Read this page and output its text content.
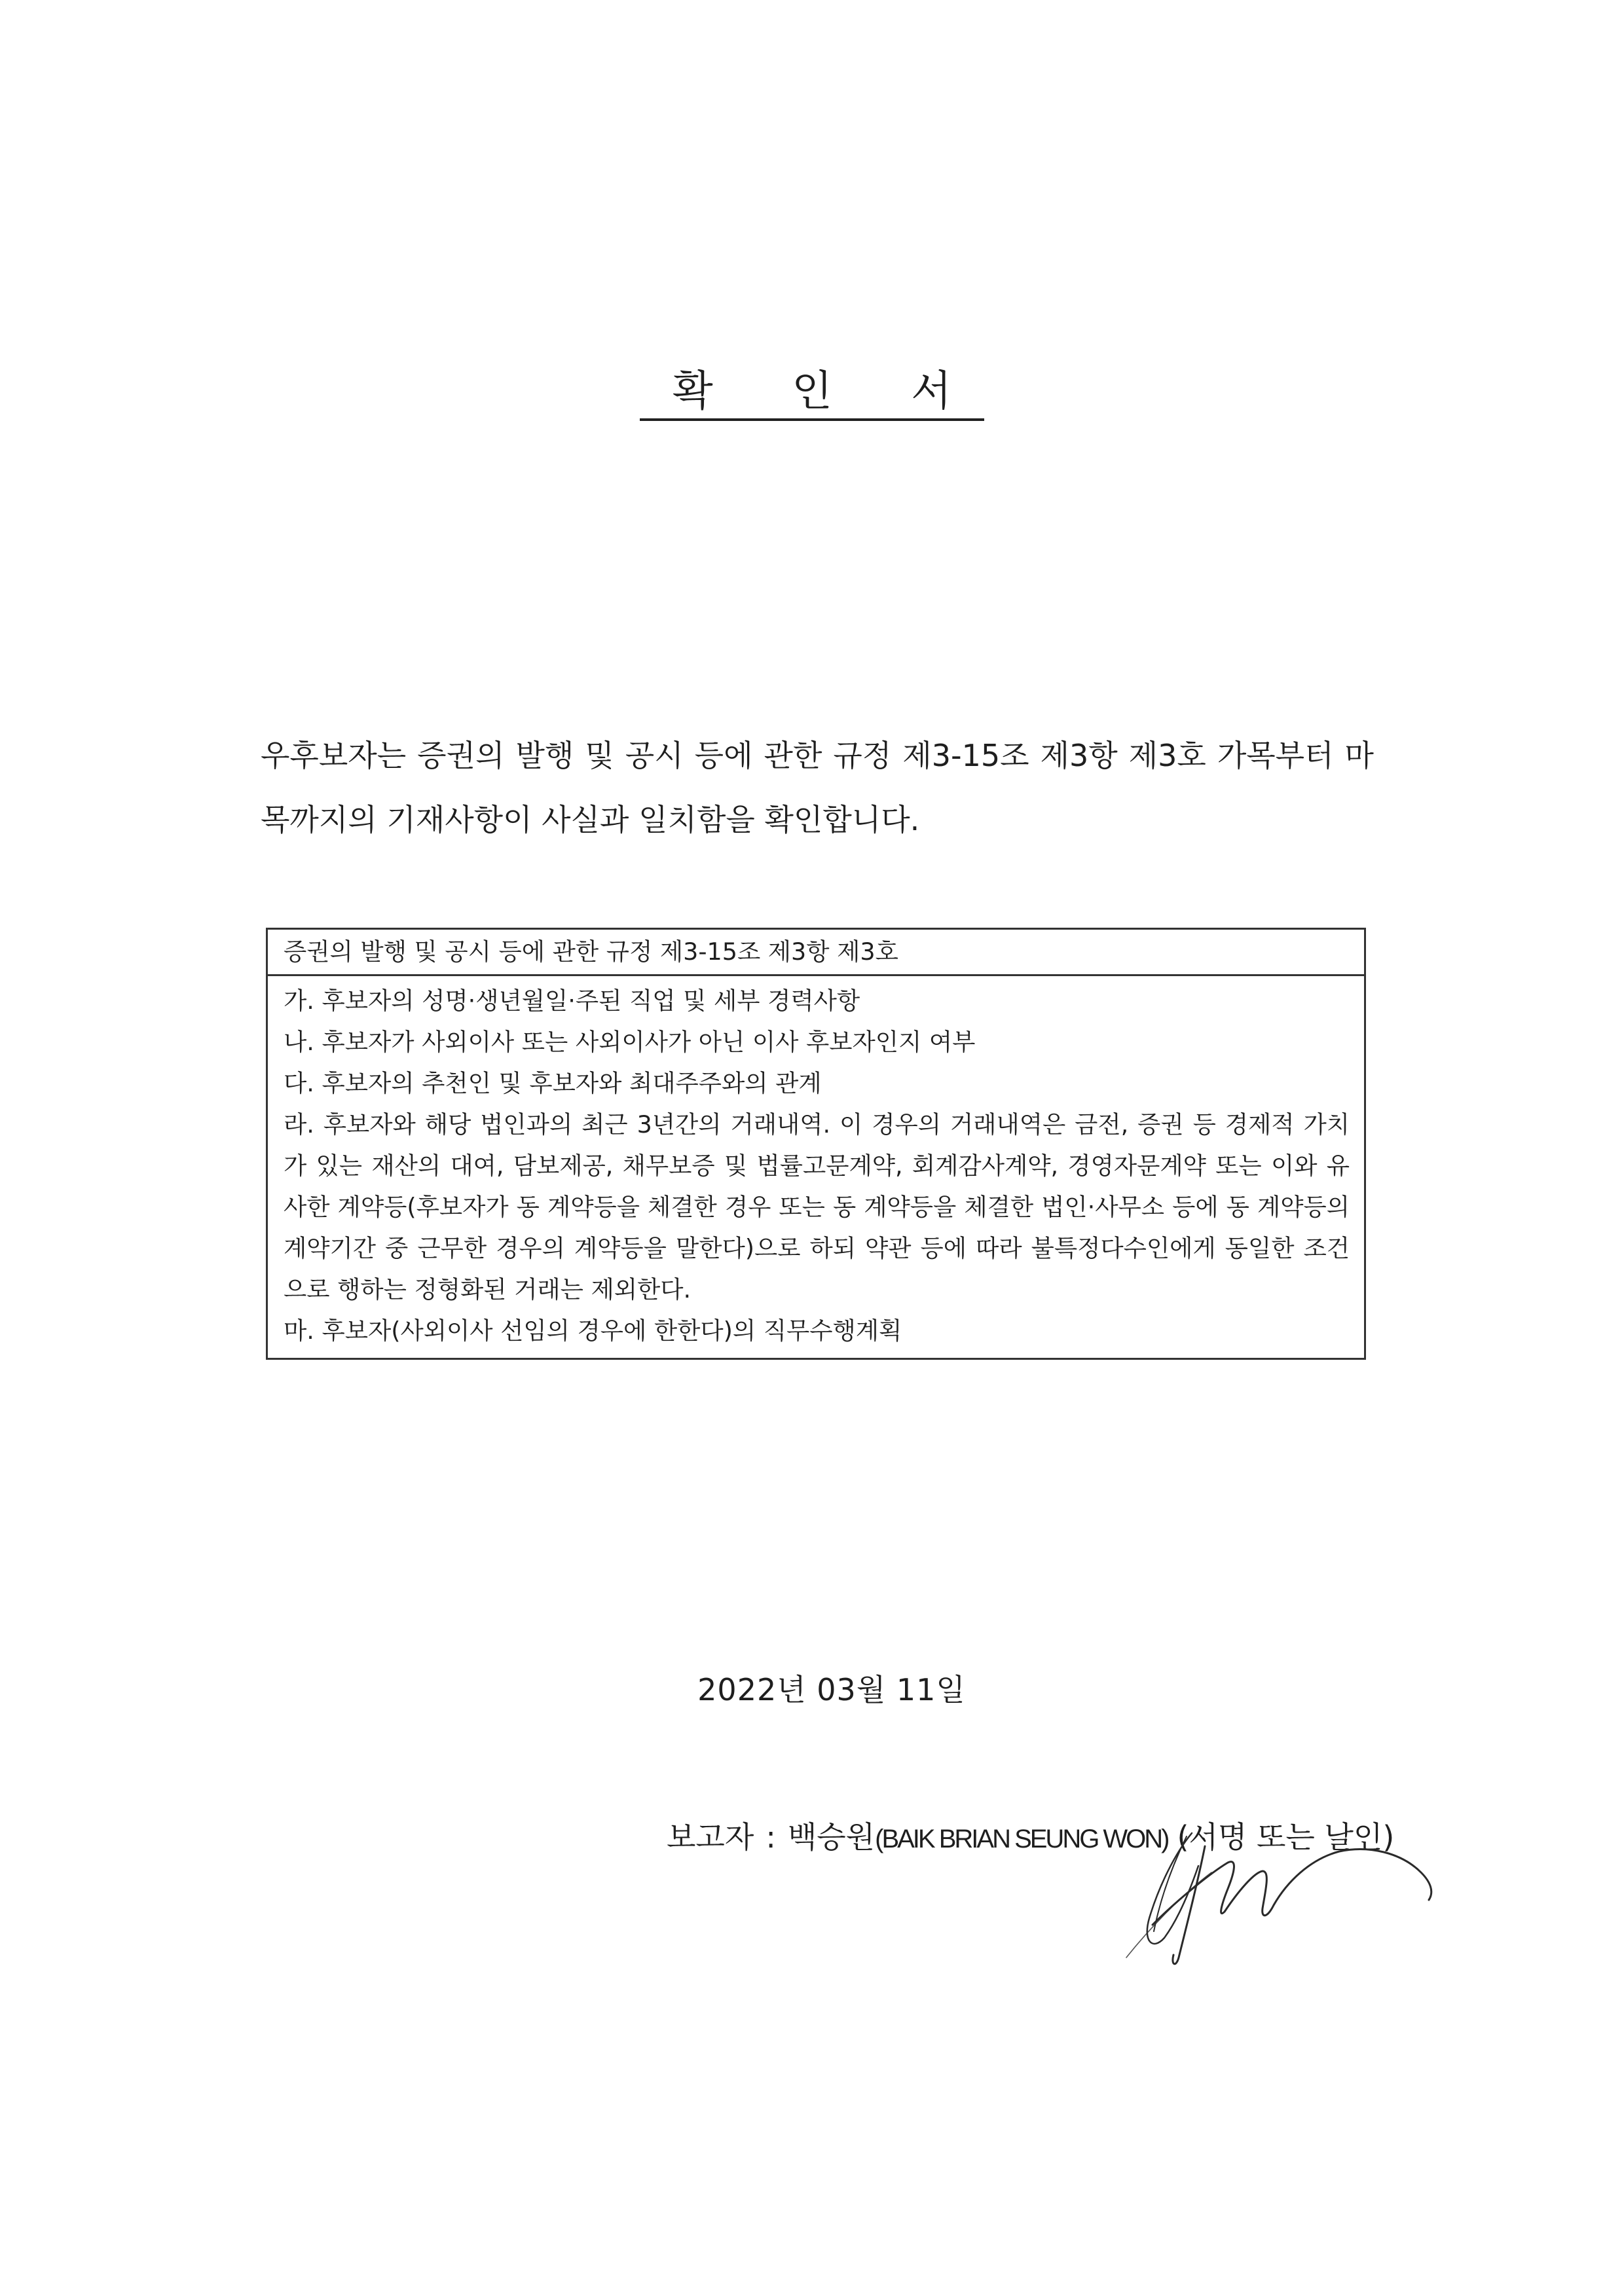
확 인 서
우후보자는 증권의 발행 및 공시 등에 관한 규정 제3-15조 제3항 제3호 가목부터 마목까지의 기재사항이 사실과 일치함을 확인합니다.
증권의 발행 및 공시 등에 관한 규정 제3-15조 제3항 제3호
가. 후보자의 성명·생년월일·주된 직업 및 세부 경력사항
나. 후보자가 사외이사 또는 사외이사가 아닌 이사 후보자인지 여부
다. 후보자의 추천인 및 후보자와 최대주주와의 관계
라. 후보자와 해당 법인과의 최근 3년간의 거래내역. 이 경우의 거래내역은 금전, 증권 등 경제적 가치가 있는 재산의 대여, 담보제공, 채무보증 및 법률고문계약, 회계감사계약, 경영자문계약 또는 이와 유사한 계약등(후보자가 동 계약등을 체결한 경우 또는 동 계약등을 체결한 법인·사무소 등에 동 계약등의 계약기간 중 근무한 경우의 계약등을 말한다)으로 하되 약관 등에 따라 불특정다수인에게 동일한 조건으로 행하는 정형화된 거래는 제외한다.
마. 후보자(사외이사 선임의 경우에 한한다)의 직무수행계획
2022년 03월 11일
보고자 : 백승원(BAIK BRIAN SEUNG WON) (서명 또는 날인)
